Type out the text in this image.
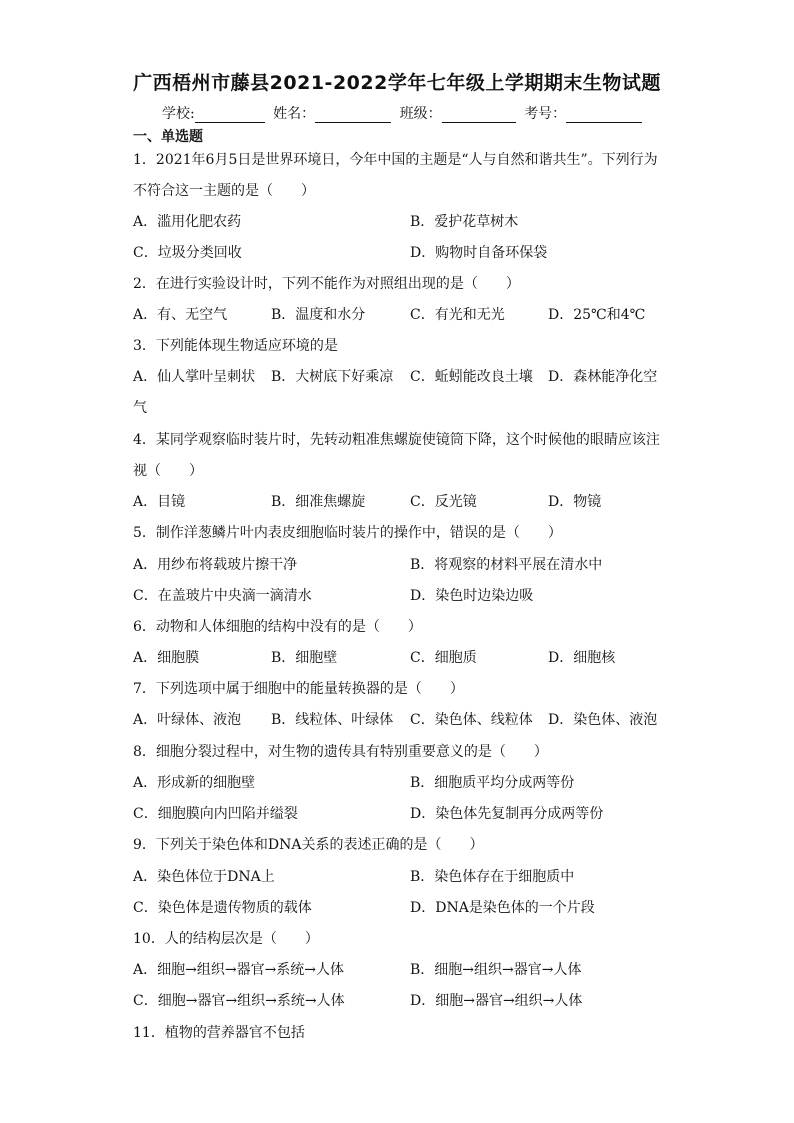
广西梧州市藤县2021-2022学年七年级上学期期末生物试题
学校:	姓名：	班级：	考号：
一、单选题
1．2021年6月5日是世界环境日，今年中国的主题是“人与自然和谐共生”。下列行为
不符合这一主题的是（　　）
A．滥用化肥农药	B．爱护花草树木
C．垃圾分类回收	D．购物时自备环保袋
2．在进行实验设计时，下列不能作为对照组出现的是（　　）
A．有、无空气	B．温度和水分	C．有光和无光	D．25℃和4℃
3．下列能体现生物适应环境的是
A．仙人掌叶呈刺状 B．大树底下好乘凉 C．蚯蚓能改良土壤 D．森林能净化空
气
4．某同学观察临时装片时，先转动粗准焦螺旋使镜筒下降，这个时候他的眼睛应该注
视（　　）
A．目镜	B．细准焦螺旋	C．反光镜	D．物镜
5．制作洋葱鳞片叶内表皮细胞临时装片的操作中，错误的是（　　）
A．用纱布将载玻片擦干净	B．将观察的材料平展在清水中
C．在盖玻片中央滴一滴清水	D．染色时边染边吸
6．动物和人体细胞的结构中没有的是（　　）
A．细胞膜	B．细胞壁	C．细胞质	D．细胞核
7．下列选项中属于细胞中的能量转换器的是（　　）
A．叶绿体、液泡 B．线粒体、叶绿体 C．染色体、线粒体 D．染色体、液泡
8．细胞分裂过程中，对生物的遗传具有特别重要意义的是（　　）
A．形成新的细胞壁	B．细胞质平均分成两等份
C．细胞膜向内凹陷并缢裂	D．染色体先复制再分成两等份
9．下列关于染色体和DNA关系的表述正确的是（　　）
A．染色体位于DNA上	B．染色体存在于细胞质中
C．染色体是遗传物质的载体	D．DNA是染色体的一个片段
10．人的结构层次是（　　）
A．细胞→组织→器官→系统→人体	B．细胞→组织→器官→人体
C．细胞→器官→组织→系统→人体	D．细胞→器官→组织→人体
11．植物的营养器官不包括
